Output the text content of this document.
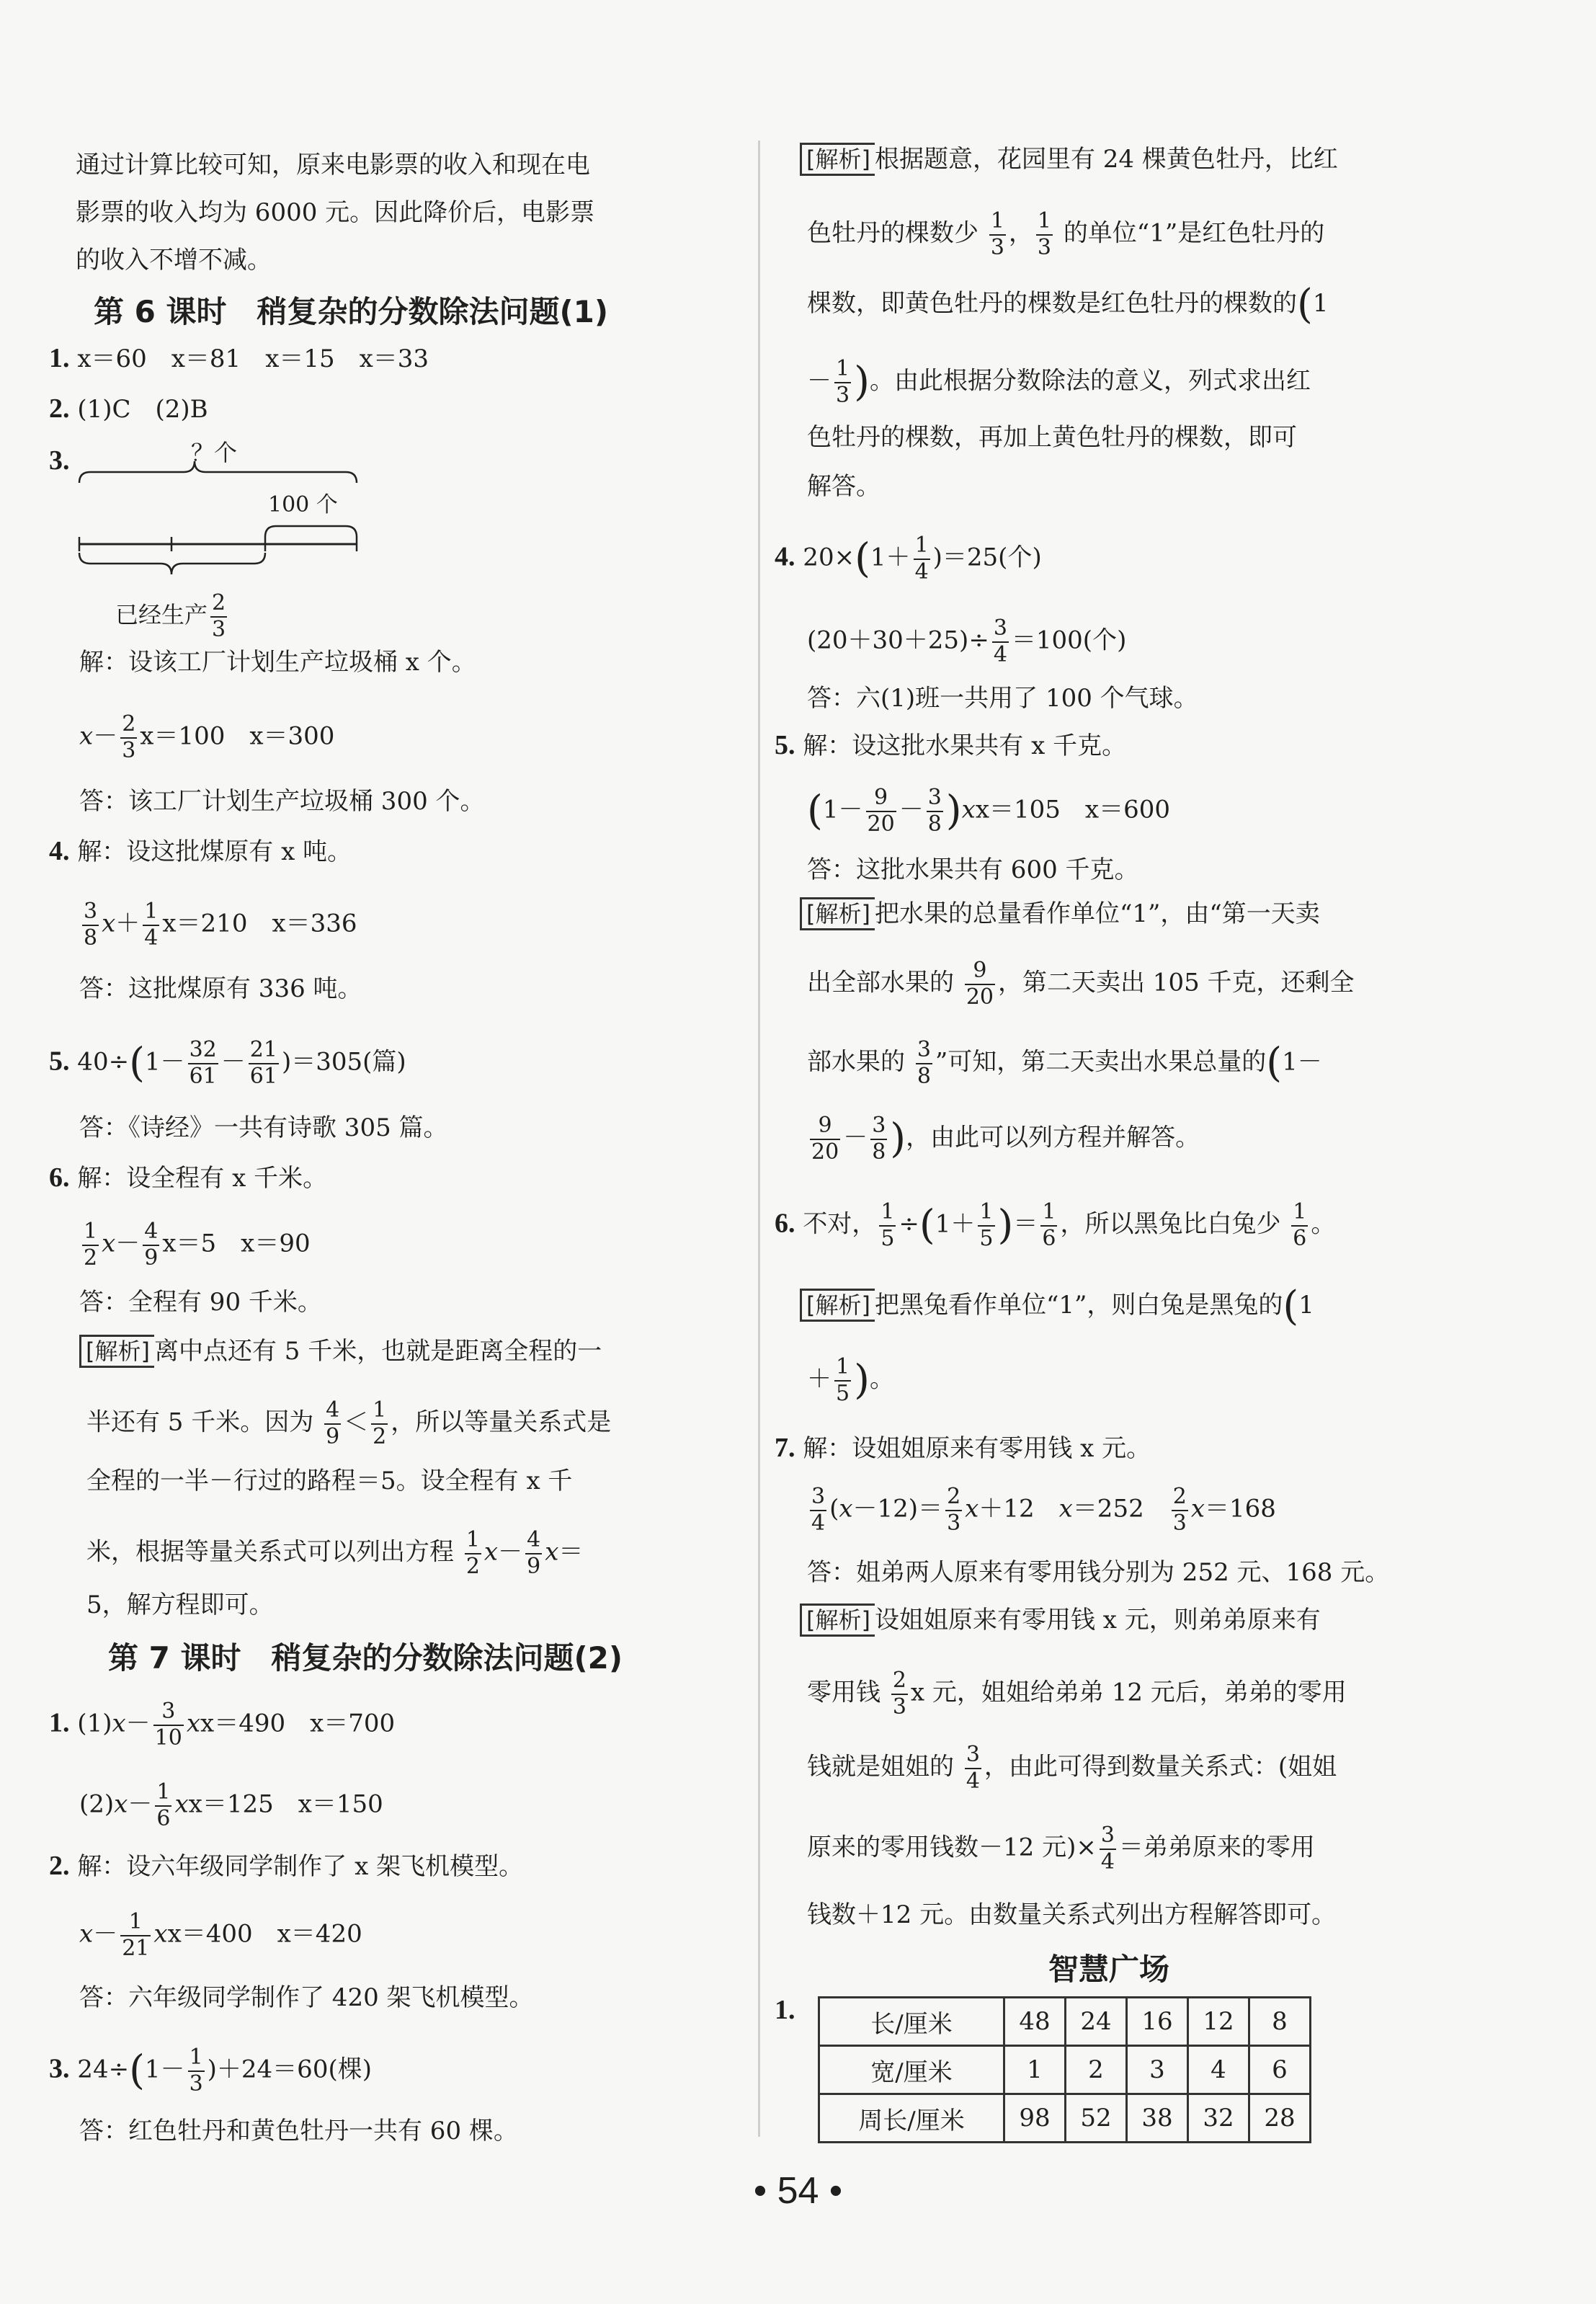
通过计算比较可知，原来电影票的收入和现在电
影票的收入均为 6000 元。因此降价后，电影票
的收入不增不减。
第 6 课时　稍复杂的分数除法问题(1)
1. x＝60　x＝81　x＝15　x＝33
2. (1)C　(2)B
3.	？个
100 个
已经生产 $\frac{2}{3}$
解：设该工厂计划生产垃圾桶 x 个。
$x- \frac{2}{3} x=100$　x＝300
答：该工厂计划生产垃圾桶 300 个。
4. 解：设这批煤原有 x 吨。
$\frac{3}{8} x+ \frac{1}{4} x=210$　x＝336
答：这批煤原有 336 吨。
5. $40\div(1- \frac{32}{61} - \frac{21}{61} )=305$(篇)
答：《诗经》一共有诗歌 305 篇。
6. 解：设全程有 x 千米。
$\frac{1}{2} x- \frac{4}{9} x=5$　x＝90
答：全程有 90 千米。
[解析] 离中点还有 5 千米，也就是距离全程的一
半还有 5 千米。因为 $\frac{4}{9} < \frac{1}{2}$ ，所以等量关系式是
全程的一半－行过的路程＝5。设全程有 x 千
米，根据等量关系式可以列出方程 $\frac{1}{2} x- \frac{4}{9} x=$
5，解方程即可。
第 7 课时　稍复杂的分数除法问题(2)
1. $(1)x- \frac{3}{10} xx=490$　x＝700
$(2)x- \frac{1}{6} xx=125$　x＝150
2. 解：设六年级同学制作了 x 架飞机模型。
$x- \frac{1}{21} xx=400$　x＝420
答：六年级同学制作了 420 架飞机模型。
3. $24\div(1- \frac{1}{3} )+24=60$(棵)
答：红色牡丹和黄色牡丹一共有 60 棵。
[解析] 根据题意，花园里有 24 棵黄色牡丹，比红
色牡丹的棵数少 $\frac{1}{3}$ ， $\frac{1}{3}$ 的单位“1”是红色牡丹的
棵数，即黄色牡丹的棵数是红色牡丹的棵数的(1
－ $\frac{1}{3}$ )。由此根据分数除法的意义，列式求出红
色牡丹的棵数，再加上黄色牡丹的棵数，即可
解答。
4. $20\times(1+ \frac{1}{4} )=25$(个)
$(20+30+25)\div \frac{3}{4} =100$(个)
答：六(1)班一共用了 100 个气球。
5. 解：设这批水果共有 x 千克。
$(1- \frac{9}{20} - \frac{3}{8} )xx=105$　x＝600
答：这批水果共有 600 千克。
[解析] 把水果的总量看作单位“1”，由“第一天卖
出全部水果的 $\frac{9}{20}$ ，第二天卖出 105 千克，还剩全
部水果的 $\frac{3}{8}$ ”可知，第二天卖出水果总量的(1－
$\frac{9}{20} - \frac{3}{8}$ )，由此可以列方程并解答。
6. 不对， $\frac{1}{5} \div(1+ \frac{1}{5}$ )＝ $\frac{1}{6}$ ，所以黑兔比白兔少 $\frac{1}{6}$ 。
[解析] 把黑兔看作单位“1”，则白兔是黑兔的(1
＋ $\frac{1}{5}$ )。
7. 解：设姐姐原来有零用钱 x 元。
$\frac{3}{4} (x-12)= \frac{2}{3} x+12$　x＝252　 $\frac{2}{3} x=168$
答：姐弟两人原来有零用钱分别为 252 元、168 元。
[解析] 设姐姐原来有零用钱 x 元，则弟弟原来有
零用钱 $\frac{2}{3}$ x 元，姐姐给弟弟 12 元后，弟弟的零用
钱就是姐姐的 $\frac{3}{4}$ ，由此可得到数量关系式：(姐姐
原来的零用钱数－12 元)× $\frac{3}{4}$ ＝弟弟原来的零用
钱数＋12 元。由数量关系式列出方程解答即可。
智慧广场
1.	长/厘米	48	24	16	12	8
宽/厘米	1	2	3	4	6
周长/厘米	98	52	38	32	28
• 54 •
